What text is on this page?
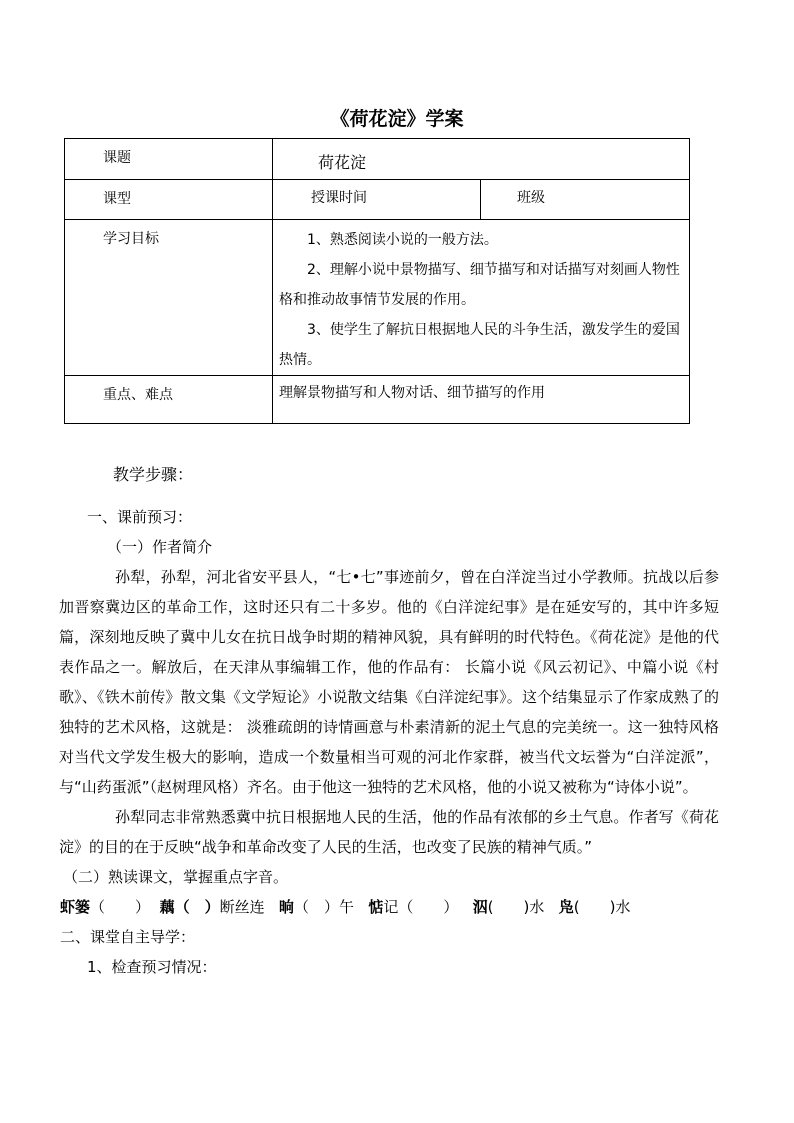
《荷花淀》学案
课题	荷花淀	
课型	授课时间	班级
学习目标	1、熟悉阅读小说的一般方法。

2、理解小说中景物描写、细节描写和对话描写对刻画人物性格和推动故事情节发展的作用。

3、使学生了解抗日根据地人民的斗争生活，激发学生的爱国热情。	

重点、难点	理解景物描写和人物对话、细节描写的作用	

教学步骤：

一、课前预习：

（一）作者简介

孙犁，孙犁，河北省安平县人，“七•七”事迹前夕，曾在白洋淀当过小学教师。抗战以后参加晋察冀边区的革命工作，这时还只有二十多岁。他的《白洋淀纪事》是在延安写的，其中许多短篇，深刻地反映了冀中儿女在抗日战争时期的精神风貌，具有鲜明的时代特色。《荷花淀》是他的代表作品之一。解放后，在天津从事编辑工作，他的作品有： 长篇小说《风云初记》、中篇小说《村歌》、《铁木前传》散文集《文学短论》小说散文结集《白洋淀纪事》。这个结集显示了作家成熟了的独特的艺术风格，这就是： 淡雅疏朗的诗情画意与朴素清新的泥土气息的完美统一。这一独特风格对当代文学发生极大的影响，造成一个数量相当可观的河北作家群，被当代文坛誉为“白洋淀派”，与“山药蛋派”（赵树理风格）齐名。由于他这一独特的艺术风格，他的小说又被称为“诗体小说”。

孙犁同志非常熟悉冀中抗日根据地人民的生活，他的作品有浓郁的乡土气息。作者写《荷花淀》的目的在于反映“战争和革命改变了人民的生活，也改变了民族的精神气质。”

（二）熟读课文，掌握重点字音。

虾篓（　　） 藕（　）断丝连 晌（　）午 惦记（　　） 泅(　　)水 凫(　　)水

二、课堂自主导学：

1、检查预习情况：
